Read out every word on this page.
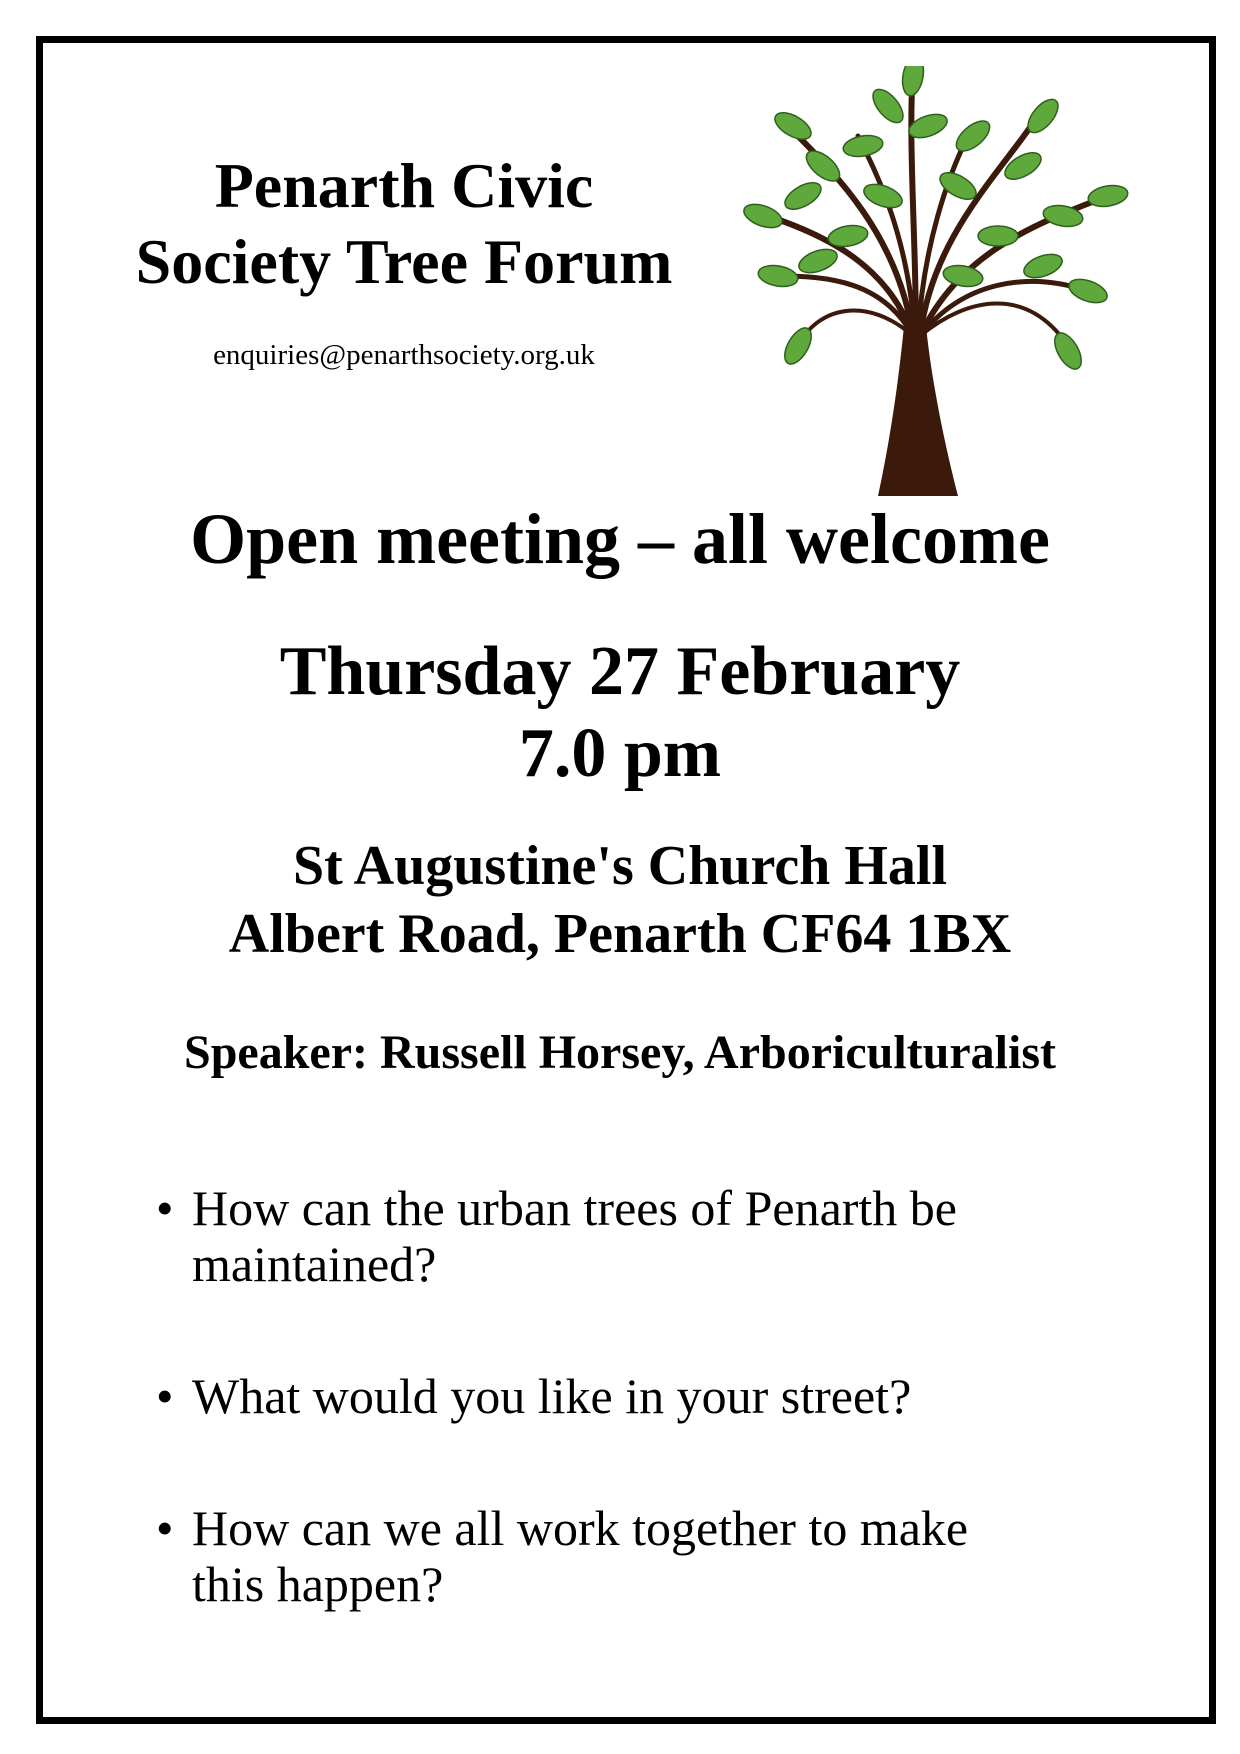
Penarth Civic
Society Tree Forum
enquiries@penarthsociety.org.uk
Open meeting – all welcome
Thursday 27 February
7.0 pm
St Augustine's Church Hall
Albert Road, Penarth CF64 1BX
Speaker: Russell Horsey, Arboriculturalist
• How can the urban trees of Penarth be
maintained?
• What would you like in your street?
• How can we all work together to make
this happen?
